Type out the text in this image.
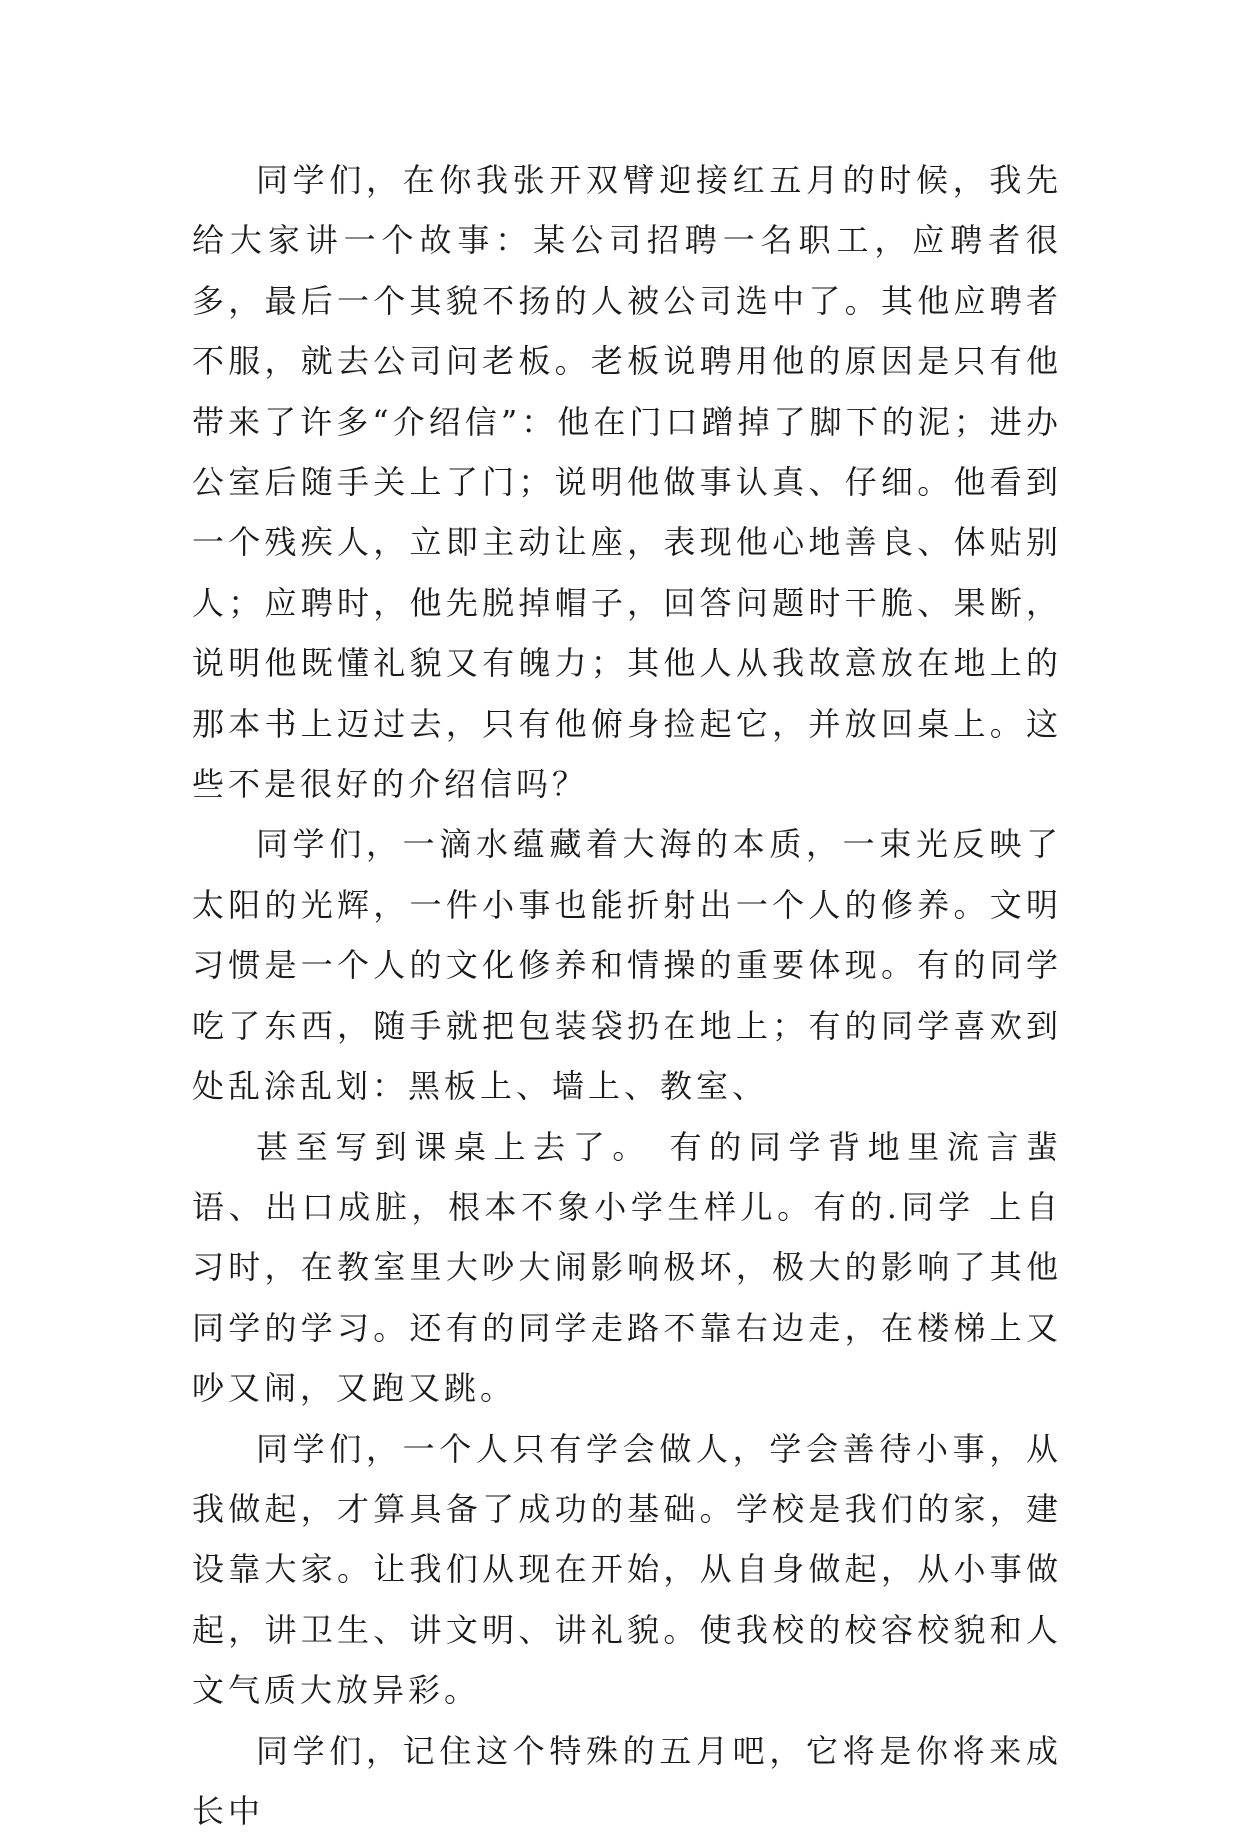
同学们，在你我张开双臂迎接红五月的时候，我先给大家讲一个故事：某公司招聘一名职工，应聘者很多，最后一个其貌不扬的人被公司选中了。其他应聘者不服，就去公司问老板。老板说聘用他的原因是只有他带来了许多“介绍信”：他在门口蹭掉了脚下的泥；进办公室后随手关上了门；说明他做事认真、仔细。他看到一个残疾人，立即主动让座，表现他心地善良、体贴别人；应聘时，他先脱掉帽子，回答问题时干脆、果断，说明他既懂礼貌又有魄力；其他人从我故意放在地上的那本书上迈过去，只有他俯身捡起它，并放回桌上。这些不是很好的介绍信吗？

同学们，一滴水蕴藏着大海的本质，一束光反映了太阳的光辉，一件小事也能折射出一个人的修养。文明习惯是一个人的文化修养和情操的重要体现。有的同学吃了东西，随手就把包装袋扔在地上；有的同学喜欢到处乱涂乱划：黑板上、墙上、教室、

甚至写到课桌上去了。 有的同学背地里流言蜚语、出口成脏，根本不象小学生样儿。有的.同学 上自习时，在教室里大吵大闹影响极坏，极大的影响了其他同学的学习。还有的同学走路不靠右边走，在楼梯上又吵又闹，又跑又跳。

同学们，一个人只有学会做人，学会善待小事，从我做起，才算具备了成功的基础。学校是我们的家，建设靠大家。让我们从现在开始，从自身做起，从小事做起，讲卫生、讲文明、讲礼貌。使我校的校容校貌和人文气质大放异彩。

同学们，记住这个特殊的五月吧，它将是你将来成长中
